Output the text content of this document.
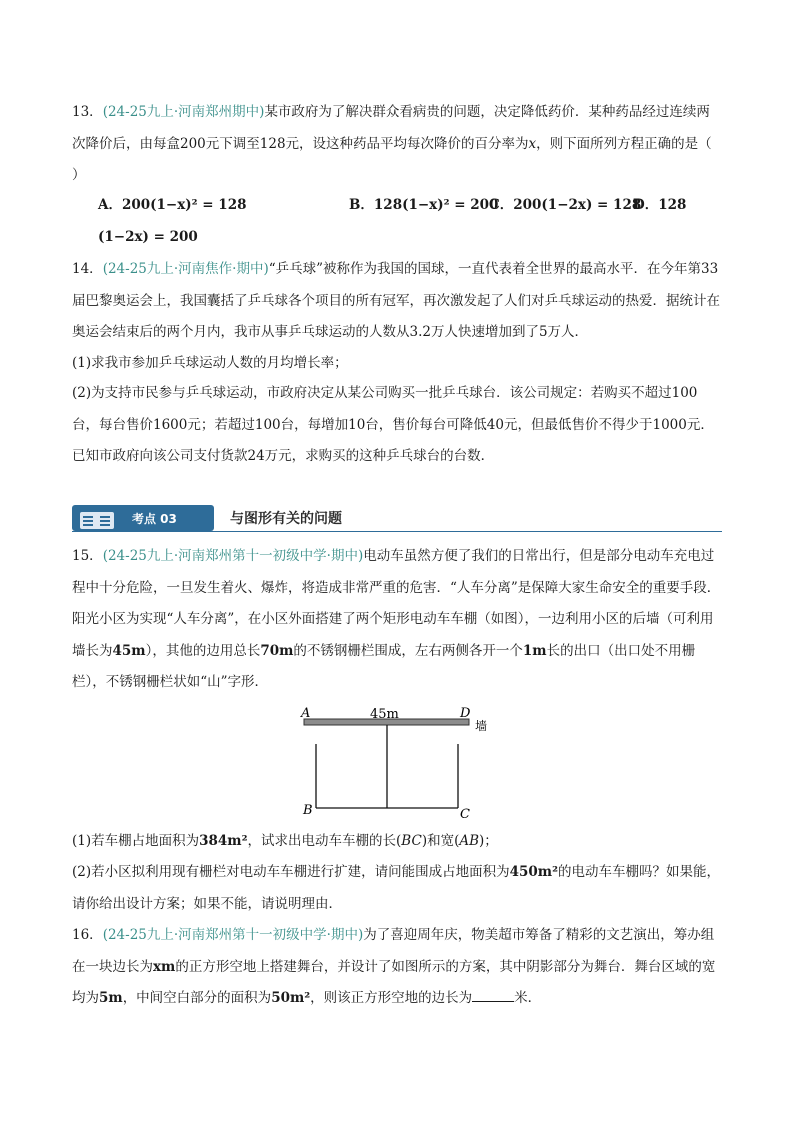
13．(24-25九上·河南郑州期中)某市政府为了解决群众看病贵的问题，决定降低药价．某种药品经过连续两次降价后，由每盒200元下调至128元，设这种药品平均每次降价的百分率为x，则下面所列方程正确的是（ ）

A．200(1−x)² = 128	B．128(1−x)² = 200
C．200(1−2x) = 128
D．128
(1−2x) = 200

14．(24-25九上·河南焦作·期中)“乒乓球”被称作为我国的国球，一直代表着全世界的最高水平．在今年第33届巴黎奥运会上，我国囊括了乒乓球各个项目的所有冠军，再次激发起了人们对乒乓球运动的热爱．据统计在奥运会结束后的两个月内，我市从事乒乓球运动的人数从3.2万人快速增加到了5万人．

(1)求我市参加乒乓球运动人数的月均增长率；

(2)为支持市民参与乒乓球运动，市政府决定从某公司购买一批乒乓球台．该公司规定：若购买不超过100台，每台售价1600元；若超过100台，每增加10台，售价每台可降低40元，但最低售价不得少于1000元．已知市政府向该公司支付货款24万元，求购买的这种乒乓球台的台数．

考点 03	与图形有关的问题

15．(24-25九上·河南郑州第十一初级中学·期中)电动车虽然方便了我们的日常出行，但是部分电动车充电过程中十分危险，一旦发生着火、爆炸，将造成非常严重的危害．“人车分离”是保障大家生命安全的重要手段．阳光小区为实现“人车分离”，在小区外面搭建了两个矩形电动车车棚（如图），一边利用小区的后墙（可利用墙长为45m），其他的边用总长70m的不锈钢栅栏围成，左右两侧各开一个1m长的出口（出口处不用栅栏），不锈钢栅栏状如“山”字形．

A	D
B	C
45m
墙

(1)若车棚占地面积为384m²，试求出电动车车棚的长(BC)和宽(AB)；

(2)若小区拟利用现有栅栏对电动车车棚进行扩建，请问能围成占地面积为450m²的电动车车棚吗？如果能，请你给出设计方案；如果不能，请说明理由．

16．(24-25九上·河南郑州第十一初级中学·期中)为了喜迎周年庆，物美超市筹备了精彩的文艺演出，筹办组在一块边长为xm的正方形空地上搭建舞台，并设计了如图所示的方案，其中阴影部分为舞台．舞台区域的宽均为5m，中间空白部分的面积为50m²，则该正方形空地的边长为	米．
